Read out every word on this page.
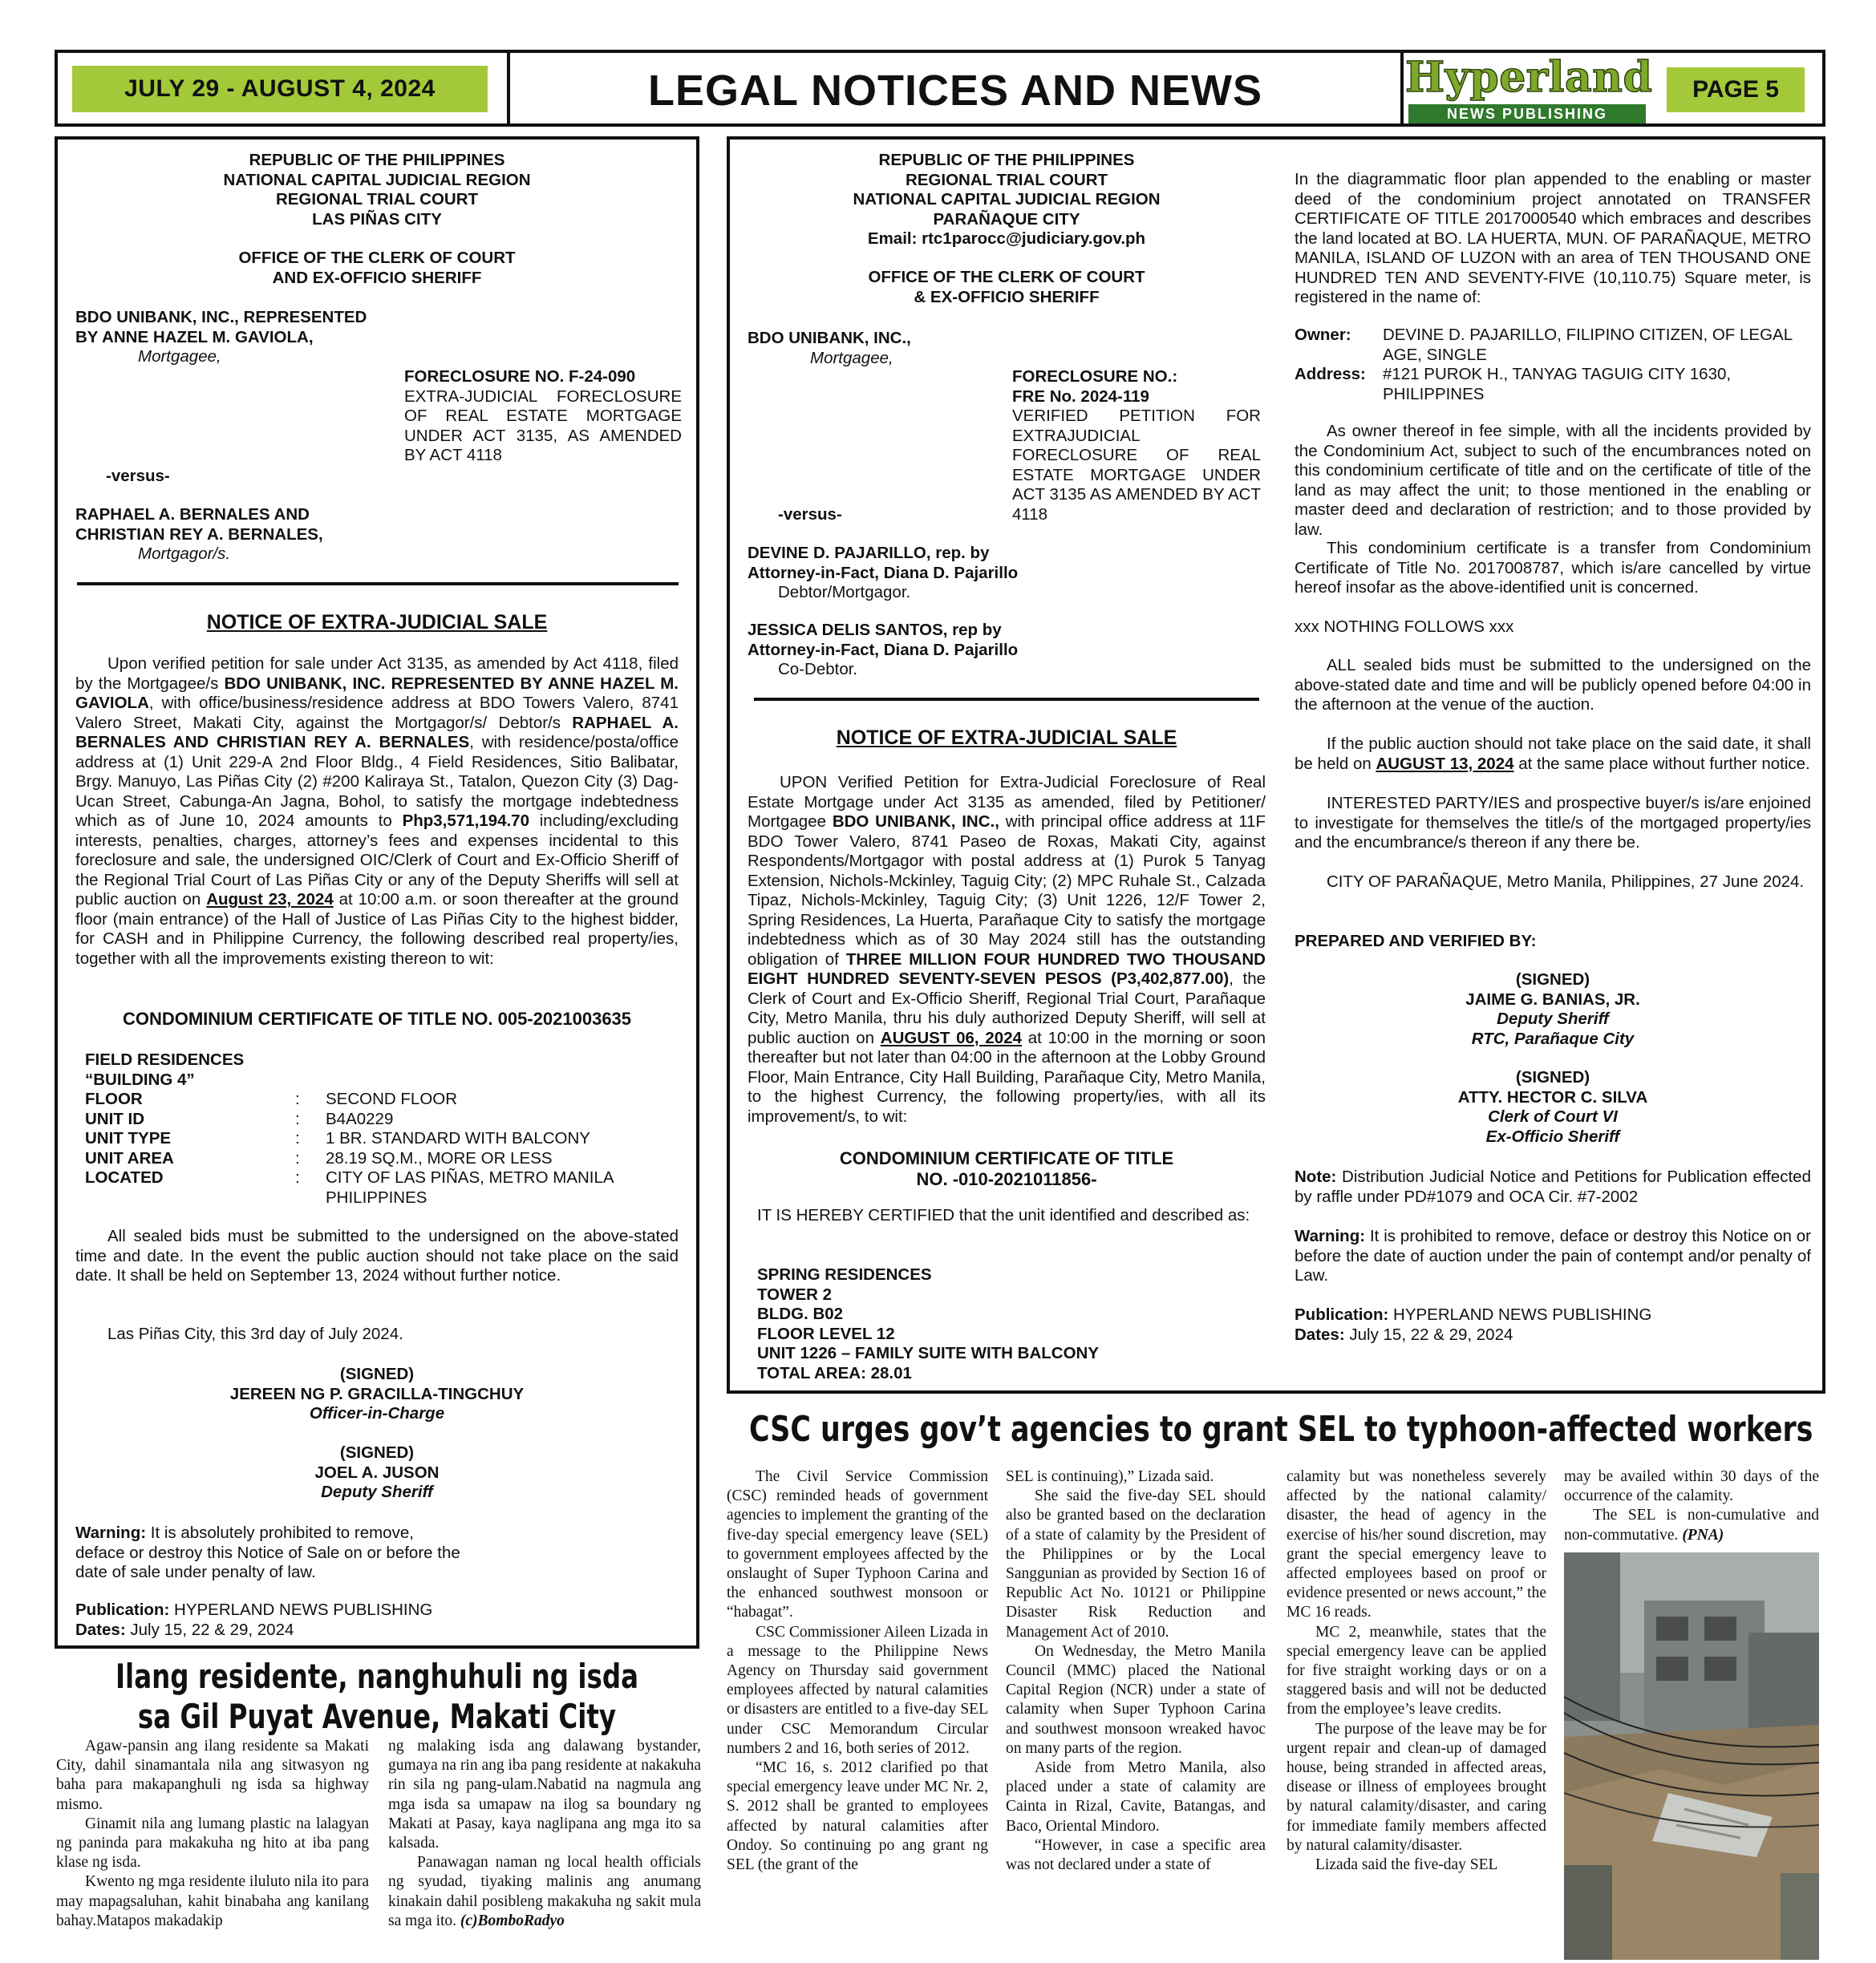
JULY 29 - AUGUST 4, 2024	LEGAL NOTICES AND NEWS	Hyperland
NEWS PUBLISHING
PAGE 5
REPUBLIC OF THE PHILIPPINES
NATIONAL CAPITAL JUDICIAL REGION
REGIONAL TRIAL COURT
LAS PIÑAS CITY
OFFICE OF THE CLERK OF COURT
AND EX-OFFICIO SHERIFF
BDO UNIBANK, INC., REPRESENTED
BY ANNE HAZEL M. GAVIOLA,
Mortgagee,
FORECLOSURE NO. F-24-090
EXTRA-JUDICIAL FORECLOSURE OF REAL ESTATE MORTGAGE UNDER ACT 3135, AS AMENDED BY ACT 4118
-versus-
RAPHAEL A. BERNALES AND
CHRISTIAN REY A. BERNALES,
Mortgagor/s.
NOTICE OF EXTRA-JUDICIAL SALE
Upon verified petition for sale under Act 3135, as amended by Act 4118, filed by the Mortgagee/s BDO UNIBANK, INC. REPRESENTED BY ANNE HAZEL M. GAVIOLA, with office/business/residence address at BDO Towers Valero, 8741 Valero Street, Makati City, against the Mortgagor/s/ Debtor/s RAPHAEL A. BERNALES AND CHRISTIAN REY A. BERNALES, with residence/posta/office address at (1) Unit 229-A 2nd Floor Bldg., 4 Field Residences, Sitio Balibatar, Brgy. Manuyo, Las Piñas City (2) #200 Kaliraya St., Tatalon, Quezon City (3) Dag-Ucan Street, Cabunga-An Jagna, Bohol, to satisfy the mortgage indebtedness which as of June 10, 2024 amounts to Php3,571,194.70 including/excluding interests, penalties, charges, attorney’s fees and expenses incidental to this foreclosure and sale, the undersigned OIC/Clerk of Court and Ex-Officio Sheriff of the Regional Trial Court of Las Piñas City or any of the Deputy Sheriffs will sell at public auction on August 23, 2024 at 10:00 a.m. or soon thereafter at the ground floor (main entrance) of the Hall of Justice of Las Piñas City to the highest bidder, for CASH and in Philippine Currency, the following described real property/ies, together with all the improvements existing thereon to wit:
CONDOMINIUM CERTIFICATE OF TITLE NO. 005-2021003635
FIELD RESIDENCES
“BUILDING 4”
FLOOR	:	SECOND FLOOR
UNIT ID	:	B4A0229
UNIT TYPE	:	1 BR. STANDARD WITH BALCONY
UNIT AREA	:	28.19 SQ.M., MORE OR LESS
LOCATED	:	CITY OF LAS PIÑAS, METRO MANILA PHILIPPINES
All sealed bids must be submitted to the undersigned on the above-stated time and date. In the event the public auction should not take place on the said date. It shall be held on September 13, 2024 without further notice.
Las Piñas City, this 3rd day of July 2024.
(SIGNED)
JEREEN NG P. GRACILLA-TINGCHUY
Officer-in-Charge
(SIGNED)
JOEL A. JUSON
Deputy Sheriff
Warning: It is absolutely prohibited to remove, deface or destroy this Notice of Sale on or before the date of sale under penalty of law.
Publication: HYPERLAND NEWS PUBLISHING
Dates: July 15, 22 & 29, 2024
REPUBLIC OF THE PHILIPPINES
REGIONAL TRIAL COURT
NATIONAL CAPITAL JUDICIAL REGION
PARAÑAQUE CITY
Email: rtc1parocc@judiciary.gov.ph
OFFICE OF THE CLERK OF COURT
& EX-OFFICIO SHERIFF
BDO UNIBANK, INC.,
Mortgagee,
FORECLOSURE NO.:
FRE No. 2024-119
VERIFIED PETITION FOR EXTRAJUDICIAL FORECLOSURE OF REAL ESTATE MORTGAGE UNDER ACT 3135 AS AMENDED BY ACT 4118
-versus-
DEVINE D. PAJARILLO, rep. by
Attorney-in-Fact, Diana D. Pajarillo
Debtor/Mortgagor.
JESSICA DELIS SANTOS, rep by
Attorney-in-Fact, Diana D. Pajarillo
Co-Debtor.
NOTICE OF EXTRA-JUDICIAL SALE
UPON Verified Petition for Extra-Judicial Foreclosure of Real Estate Mortgage under Act 3135 as amended, filed by Petitioner/ Mortgagee BDO UNIBANK, INC., with principal office address at 11F BDO Tower Valero, 8741 Paseo de Roxas, Makati City, against Respondents/Mortgagor with postal address at (1) Purok 5 Tanyag Extension, Nichols-Mckinley, Taguig City; (2) MPC Ruhale St., Calzada Tipaz, Nichols-Mckinley, Taguig City; (3) Unit 1226, 12/F Tower 2, Spring Residences, La Huerta, Parañaque City to satisfy the mortgage indebtedness which as of 30 May 2024 still has the outstanding obligation of THREE MILLION FOUR HUNDRED TWO THOUSAND EIGHT HUNDRED SEVENTY-SEVEN PESOS (P3,402,877.00), the Clerk of Court and Ex-Officio Sheriff, Regional Trial Court, Parañaque City, Metro Manila, thru his duly authorized Deputy Sheriff, will sell at public auction on AUGUST 06, 2024 at 10:00 in the morning or soon thereafter but not later than 04:00 in the afternoon at the Lobby Ground Floor, Main Entrance, City Hall Building, Parañaque City, Metro Manila, to the highest Currency, the following property/ies, with all its improvement/s, to wit:
CONDOMINIUM CERTIFICATE OF TITLE
NO. -010-2021011856-
IT IS HEREBY CERTIFIED that the unit identified and described as:
SPRING RESIDENCES
TOWER 2
BLDG. B02
FLOOR LEVEL 12
UNIT 1226 – FAMILY SUITE WITH BALCONY
TOTAL AREA: 28.01
In the diagrammatic floor plan appended to the enabling or master deed of the condominium project annotated on TRANSFER CERTIFICATE OF TITLE 2017000540 which embraces and describes the land located at BO. LA HUERTA, MUN. OF PARAÑAQUE, METRO MANILA, ISLAND OF LUZON with an area of TEN THOUSAND ONE HUNDRED TEN AND SEVENTY-FIVE (10,110.75) Square meter, is registered in the name of:
Owner:	DEVINE D. PAJARILLO, FILIPINO CITIZEN, OF LEGAL AGE, SINGLE
Address:	#121 PUROK H., TANYAG TAGUIG CITY 1630, PHILIPPINES
As owner thereof in fee simple, with all the incidents provided by the Condominium Act, subject to such of the encumbrances noted on this condominium certificate of title and on the certificate of title of the land as may affect the unit; to those mentioned in the enabling or master deed and declaration of restriction; and to those provided by law.
This condominium certificate is a transfer from Condominium Certificate of Title No. 2017008787, which is/are cancelled by virtue hereof insofar as the above-identified unit is concerned.
xxx NOTHING FOLLOWS xxx
ALL sealed bids must be submitted to the undersigned on the above-stated date and time and will be publicly opened before 04:00 in the afternoon at the venue of the auction.
If the public auction should not take place on the said date, it shall be held on AUGUST 13, 2024 at the same place without further notice.
INTERESTED PARTY/IES and prospective buyer/s is/are enjoined to investigate for themselves the title/s of the mortgaged property/ies and the encumbrance/s thereon if any there be.
CITY OF PARAÑAQUE, Metro Manila, Philippines, 27 June 2024.
PREPARED AND VERIFIED BY:
(SIGNED)
JAIME G. BANIAS, JR.
Deputy Sheriff
RTC, Parañaque City
(SIGNED)
ATTY. HECTOR C. SILVA
Clerk of Court VI
Ex-Officio Sheriff
Note: Distribution Judicial Notice and Petitions for Publication effected by raffle under PD#1079 and OCA Cir. #7-2002
Warning: It is prohibited to remove, deface or destroy this Notice on or before the date of auction under the pain of contempt and/or penalty of Law.
Publication: HYPERLAND NEWS PUBLISHING
Dates: July 15, 22 & 29, 2024
CSC urges gov’t agencies to grant SEL to typhoon-affected workers

The Civil Service Commission (CSC) reminded heads of government agencies to implement the granting of the five-day special emergency leave (SEL) to government employees affected by the onslaught of Super Typhoon Carina and the enhanced southwest monsoon or “habagat”.

CSC Commissioner Aileen Lizada in a message to the Philippine News Agency on Thursday said government employees affected by natural calamities or disasters are entitled to a five-day SEL under CSC Memorandum Circular numbers 2 and 16, both series of 2012.

“MC 16, s. 2012 clarified po that special emergency leave under MC Nr. 2, S. 2012 shall be granted to employees affected by natural calamities after Ondoy. So continuing po ang grant ng SEL (the grant of the

SEL is continuing),” Lizada said.

She said the five-day SEL should also be granted based on the declaration of a state of calamity by the President of the Philippines or by the Local Sanggunian as provided by Section 16 of Republic Act No. 10121 or Philippine Disaster Risk Reduction and Management Act of 2010.

On Wednesday, the Metro Manila Council (MMC) placed the National Capital Region (NCR) under a state of calamity when Super Typhoon Carina and southwest monsoon wreaked havoc on many parts of the region.

Aside from Metro Manila, also placed under a state of calamity are Cainta in Rizal, Cavite, Batangas, and Baco, Oriental Mindoro.

“However, in case a specific area was not declared under a state of

calamity but was nonetheless severely affected by the national calamity/ disaster, the head of agency in the exercise of his/her sound discretion, may grant the special emergency leave to affected employees based on proof or evidence presented or news account,” the MC 16 reads.

MC 2, meanwhile, states that the special emergency leave can be applied for five straight working days or on a staggered basis and will not be deducted from the employee’s leave credits.

The purpose of the leave may be for urgent repair and clean-up of damaged house, being stranded in affected areas, disease or illness of employees brought by natural calamity/disaster, and caring for immediate family members affected by natural calamity/disaster.

Lizada said the five-day SEL

may be availed within 30 days of the occurrence of the calamity.

The SEL is non-cumulative and non-commutative. (PNA)

Ilang residente, nanghuhuli ng isda
sa Gil Puyat Avenue, Makati City

Agaw-pansin ang ilang residente sa Makati City, dahil sinamantala nila ang sitwasyon ng baha para makapanghuli ng isda sa highway mismo.

Ginamit nila ang lumang plastic na lalagyan ng paninda para makakuha ng hito at iba pang klase ng isda.

Kwento ng mga residente iluluto nila ito para may mapagsaluhan, kahit binabaha ang kanilang bahay.Matapos makadakip

ng malaking isda ang dalawang bystander, gumaya na rin ang iba pang residente at nakakuha rin sila ng pang-ulam.Nabatid na nagmula ang mga isda sa umapaw na ilog sa boundary ng Makati at Pasay, kaya naglipana ang mga ito sa kalsada.

Panawagan naman ng local health officials ng syudad, tiyaking malinis ang anumang kinakain dahil posibleng makakuha ng sakit mula sa mga ito. (c)BomboRadyo
